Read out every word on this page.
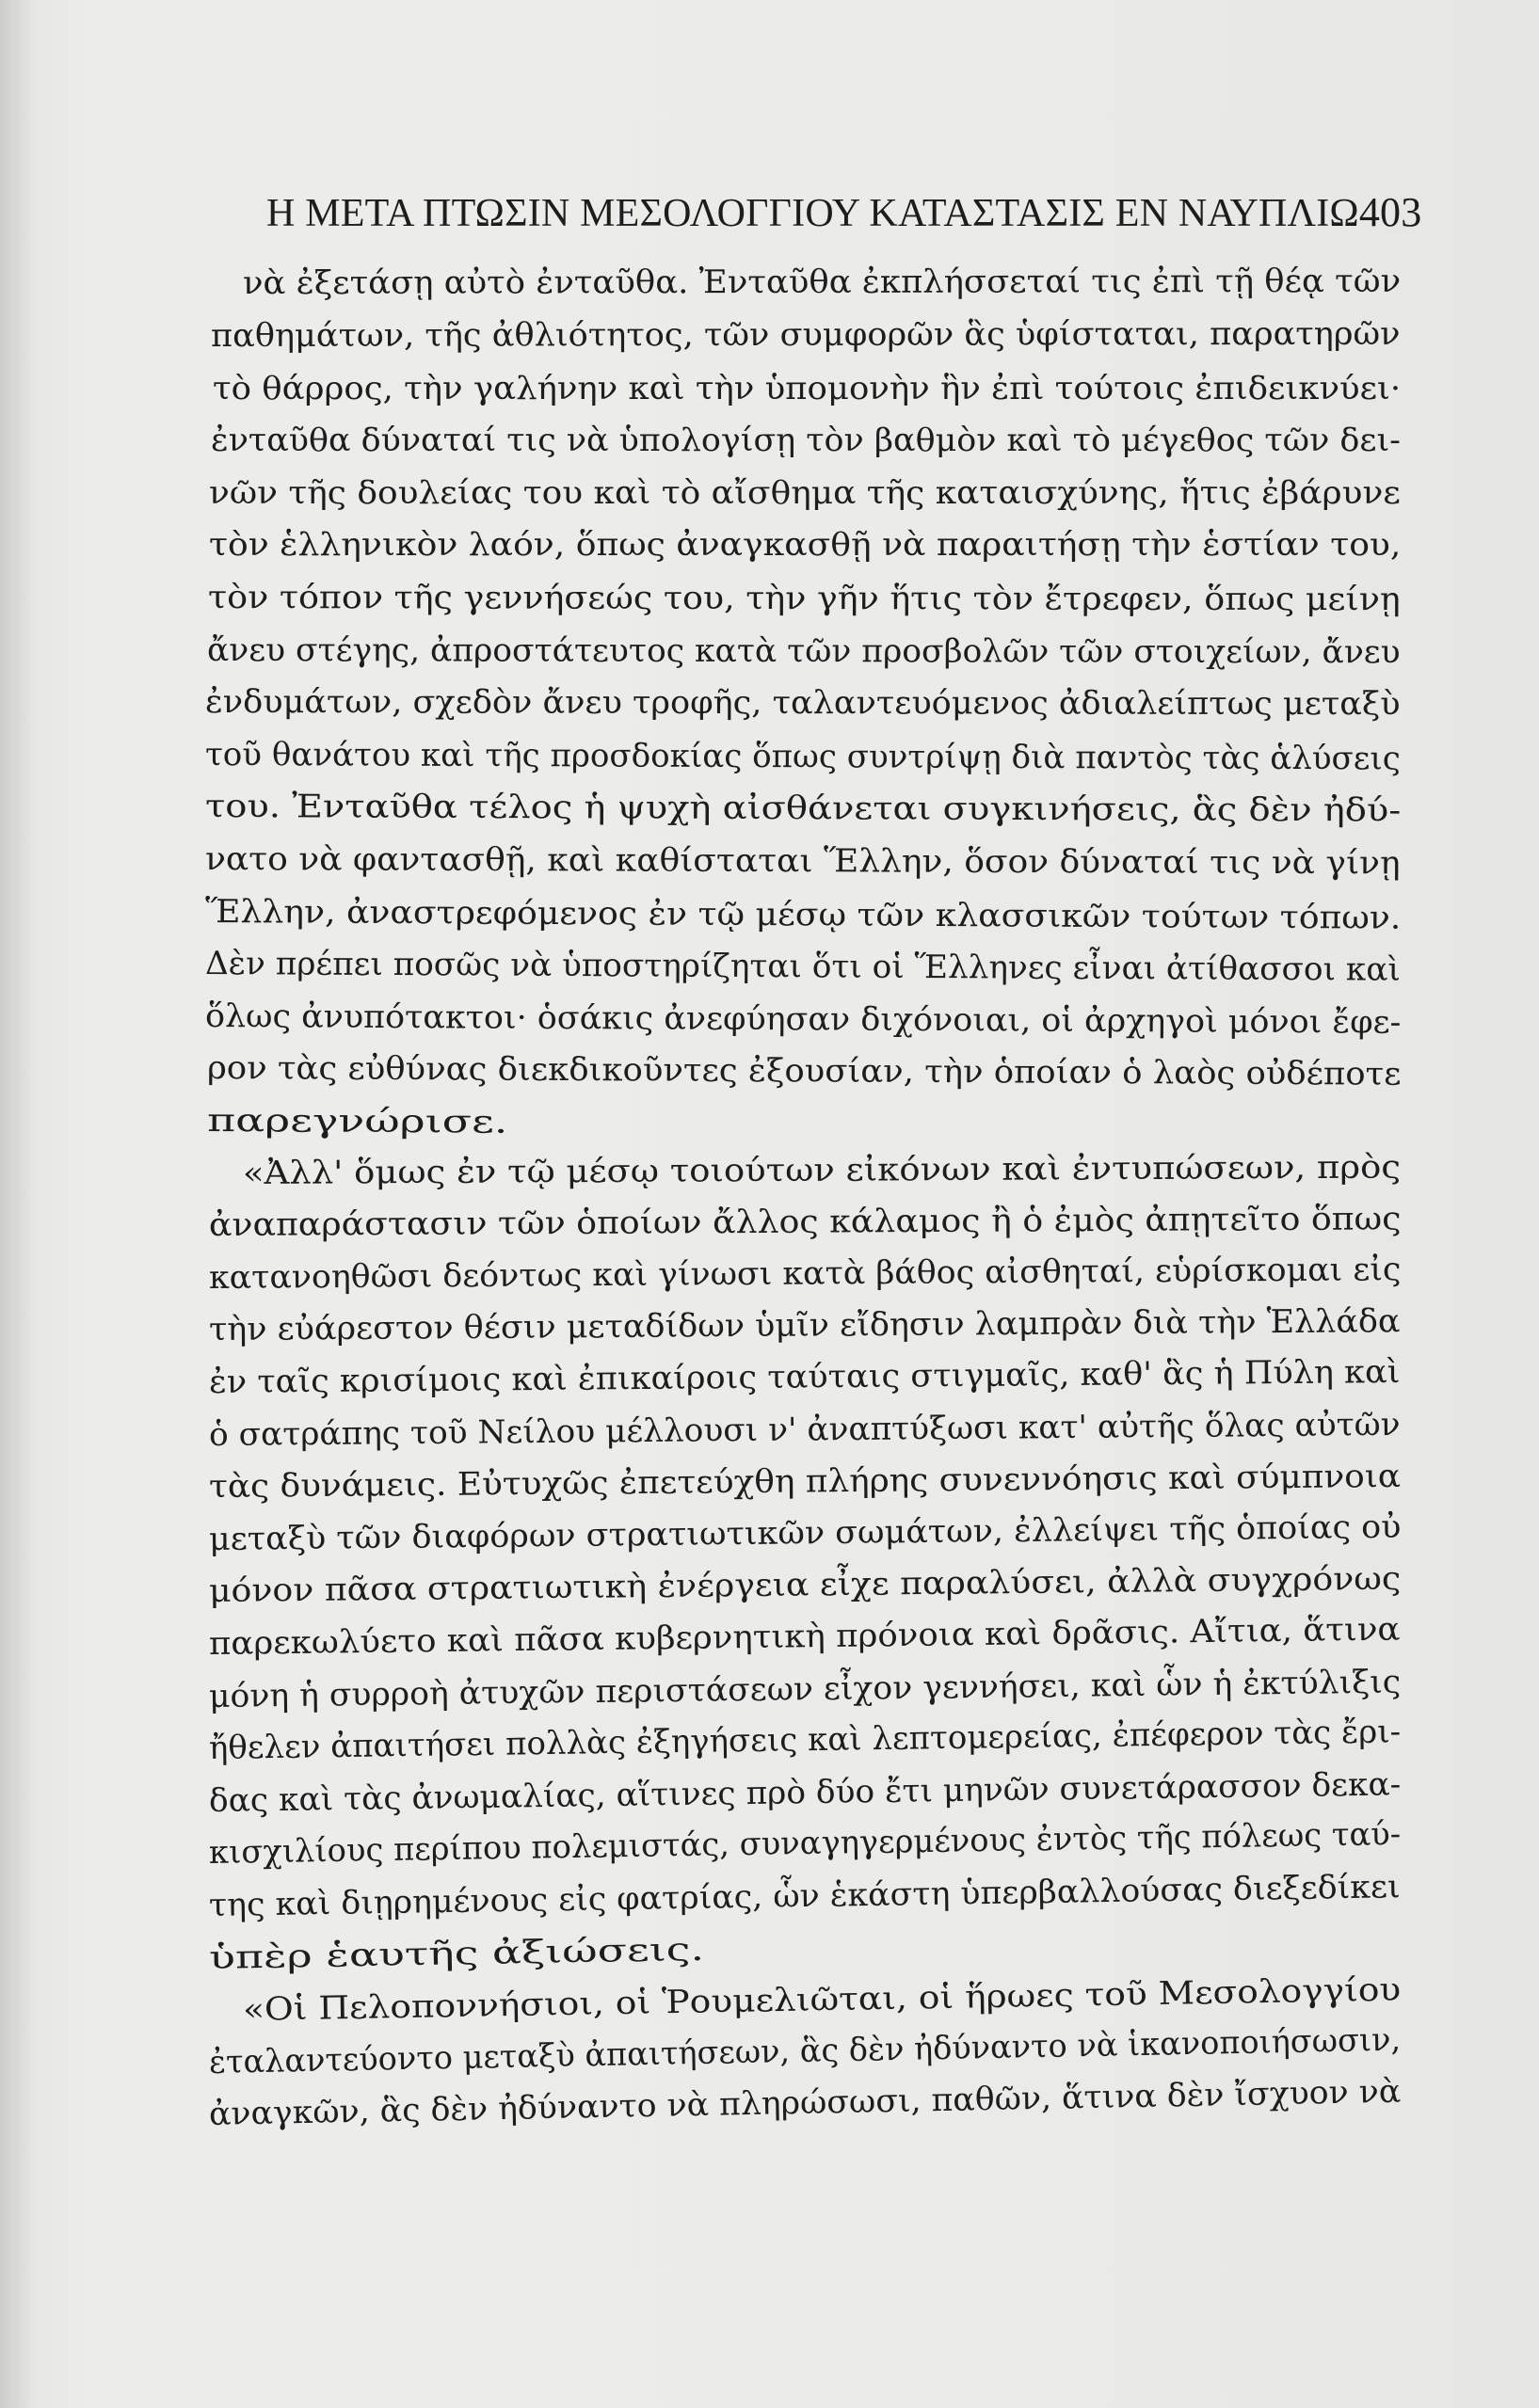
Η ΜΕΤΑ ΠΤΩΣΙΝ ΜΕΣΟΛΟΓΓΙΟΥ ΚΑΤΑΣΤΑΣΙΣ ΕΝ ΝΑΥΠΛΙΩ 403
νὰ ἐξετάσῃ αὐτὸ ἐνταῦθα. Ἐνταῦθα ἐκπλήσσεταί τις ἐπὶ τῇ θέᾳ τῶν
παθημάτων, τῆς ἀθλιότητος, τῶν συμφορῶν ἃς ὑφίσταται, παρατηρῶν
τὸ θάρρος, τὴν γαλήνην καὶ τὴν ὑπομονὴν ἣν ἐπὶ τούτοις ἐπιδεικνύει·
ἐνταῦθα δύναταί τις νὰ ὑπολογίσῃ τὸν βαθμὸν καὶ τὸ μέγεθος τῶν δει-
νῶν τῆς δουλείας του καὶ τὸ αἴσθημα τῆς καταισχύνης, ἥτις ἐβάρυνε
τὸν ἑλληνικὸν λαόν, ὅπως ἀναγκασθῇ νὰ παραιτήσῃ τὴν ἑστίαν του,
τὸν τόπον τῆς γεννήσεώς του, τὴν γῆν ἥτις τὸν ἔτρεφεν, ὅπως μείνῃ
ἄνευ στέγης, ἀπροστάτευτος κατὰ τῶν προσβολῶν τῶν στοιχείων, ἄνευ
ἐνδυμάτων, σχεδὸν ἄνευ τροφῆς, ταλαντευόμενος ἀδιαλείπτως μεταξὺ
τοῦ θανάτου καὶ τῆς προσδοκίας ὅπως συντρίψῃ διὰ παντὸς τὰς ἁλύσεις
του. Ἐνταῦθα τέλος ἡ ψυχὴ αἰσθάνεται συγκινήσεις, ἃς δὲν ἠδύ-
νατο νὰ φαντασθῇ, καὶ καθίσταται Ἕλλην, ὅσον δύναταί τις νὰ γίνῃ
Ἕλλην, ἀναστρεφόμενος ἐν τῷ μέσῳ τῶν κλασσικῶν τούτων τόπων.
Δὲν πρέπει ποσῶς νὰ ὑποστηρίζηται ὅτι οἱ Ἕλληνες εἶναι ἀτίθασσοι καὶ
ὅλως ἀνυπότακτοι· ὁσάκις ἀνεφύησαν διχόνοιαι, οἱ ἀρχηγοὶ μόνοι ἔφε-
ρον τὰς εὐθύνας διεκδικοῦντες ἐξουσίαν, τὴν ὁποίαν ὁ λαὸς οὐδέποτε
παρεγνώρισε.
«Ἀλλ' ὅμως ἐν τῷ μέσῳ τοιούτων εἰκόνων καὶ ἐντυπώσεων, πρὸς
ἀναπαράστασιν τῶν ὁποίων ἄλλος κάλαμος ἢ ὁ ἐμὸς ἀπῃτεῖτο ὅπως
κατανοηθῶσι δεόντως καὶ γίνωσι κατὰ βάθος αἰσθηταί, εὑρίσκομαι εἰς
τὴν εὐάρεστον θέσιν μεταδίδων ὑμῖν εἴδησιν λαμπρὰν διὰ τὴν Ἑλλάδα
ἐν ταῖς κρισίμοις καὶ ἐπικαίροις ταύταις στιγμαῖς, καθ' ἃς ἡ Πύλη καὶ
ὁ σατράπης τοῦ Νείλου μέλλουσι ν' ἀναπτύξωσι κατ' αὐτῆς ὅλας αὐτῶν
τὰς δυνάμεις. Εὐτυχῶς ἐπετεύχθη πλήρης συνεννόησις καὶ σύμπνοια
μεταξὺ τῶν διαφόρων στρατιωτικῶν σωμάτων, ἐλλείψει τῆς ὁποίας οὐ
μόνον πᾶσα στρατιωτικὴ ἐνέργεια εἶχε παραλύσει, ἀλλὰ συγχρόνως
παρεκωλύετο καὶ πᾶσα κυβερνητικὴ πρόνοια καὶ δρᾶσις. Αἴτια, ἅτινα
μόνη ἡ συρροὴ ἀτυχῶν περιστάσεων εἶχον γεννήσει, καὶ ὧν ἡ ἐκτύλιξις
ἤθελεν ἀπαιτήσει πολλὰς ἐξηγήσεις καὶ λεπτομερείας, ἐπέφερον τὰς ἔρι-
δας καὶ τὰς ἀνωμαλίας, αἵτινες πρὸ δύο ἔτι μηνῶν συνετάρασσον δεκα-
κισχιλίους περίπου πολεμιστάς, συναγηγερμένους ἐντὸς τῆς πόλεως ταύ-
της καὶ διῃρημένους εἰς φατρίας, ὧν ἑκάστη ὑπερβαλλούσας διεξεδίκει
ὑπὲρ ἑαυτῆς ἀξιώσεις.
«Οἱ Πελοποννήσιοι, οἱ Ῥουμελιῶται, οἱ ἥρωες τοῦ Μεσολογγίου
ἐταλαντεύοντο μεταξὺ ἀπαιτήσεων, ἃς δὲν ἠδύναντο νὰ ἱκανοποιήσωσιν,
ἀναγκῶν, ἃς δὲν ἠδύναντο νὰ πληρώσωσι, παθῶν, ἅτινα δὲν ἴσχυον νὰ
